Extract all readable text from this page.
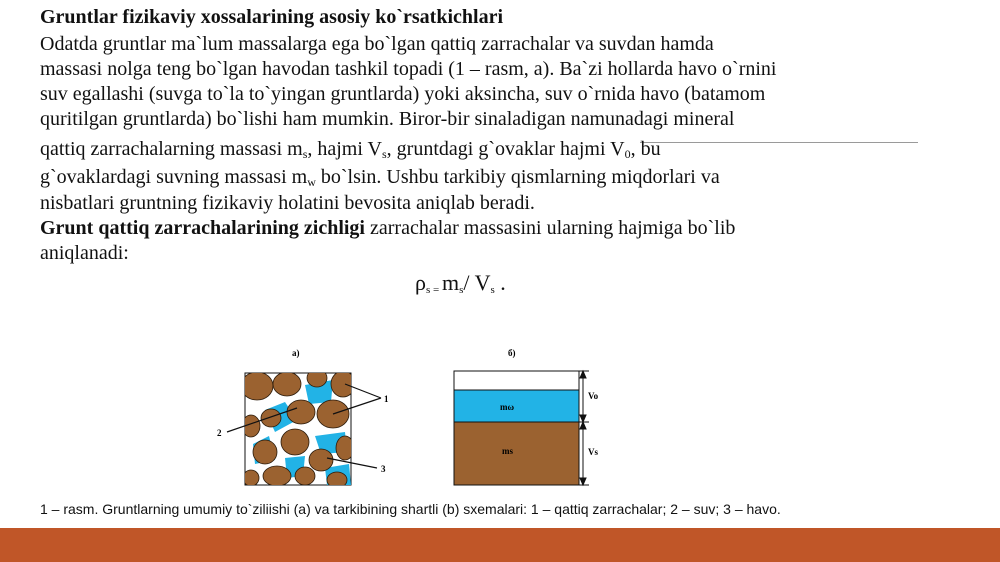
Gruntlar fizikaviy xossalarining asosiy ko`rsatkichlari
Odatda gruntlar ma`lum massalarga ega bo`lgan qattiq zarrachalar va suvdan hamda
massasi nolga teng bo`lgan havodan tashkil topadi (1 – rasm, a). Ba`zi hollarda havo o`rnini
suv egallashi (suvga to`la to`yingan gruntlarda) yoki aksincha, suv o`rnida havo (batamom
quritilgan gruntlarda) bo`lishi ham mumkin. Biror-bir sinaladigan namunadagi mineral
qattiq zarrachalarning massasi $m_s$, hajmi $V_s$, gruntdagi g`ovaklar hajmi $V_0$, bu
g`ovaklardagi suvning massasi $m_w$ bo`lsin. Ushbu tarkibiy qismlarning miqdorlari va
nisbatlari gruntning fizikaviy holatini bevosita aniqlab beradi.
Grunt qattiq zarrachalarining zichligi zarrachalar massasini ularning hajmiga bo`lib
aniqlanadi:
$\rho_s$ $_=$ $m_s/$ $V_s$ .
a)
1
2
3
б)
mω
ms
Vo
Vs
1 – rasm. Gruntlarning umumiy to`ziliishi (a) va tarkibining shartli (b) sxemalari: 1 – qattiq zarrachalar; 2 – suv; 3 – havo.
